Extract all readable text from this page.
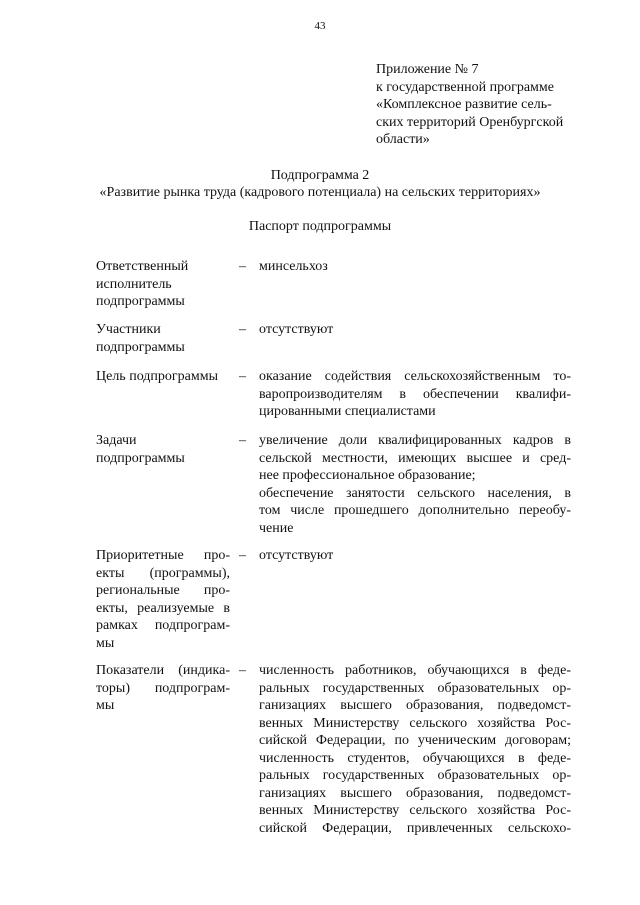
43
Приложение № 7
к государственной программе
«Комплексное развитие сель-
ских территорий Оренбургской
области»
Подпрограмма 2
«Развитие рынка труда (кадрового потенциала) на сельских территориях»
Паспорт подпрограммы
Ответственный
исполнитель
подпрограммы
– минсельхоз
Участники
подпрограммы
– отсутствуют
Цель подпрограммы	– оказание содействия сельскохозяйственным то-
варопроизводителям в обеспечении квалифи-
цированными специалистами
Задачи
подпрограммы
– увеличение доли квалифицированных кадров в
сельской местности, имеющих высшее и сред-
нее профессиональное образование;
обеспечение занятости сельского населения, в
том числе прошедшего дополнительно переобу-
чение
Приоритетные про-
екты (программы),
региональные про-
екты, реализуемые в
рамках подпрограм-
мы
– отсутствуют
Показатели (индика-
торы) подпрограм-
мы
– численность работников, обучающихся в феде-
ральных государственных образовательных ор-
ганизациях высшего образования, подведомст-
венных Министерству сельского хозяйства Рос-
сийской Федерации, по ученическим договорам;
численность студентов, обучающихся в феде-
ральных государственных образовательных ор-
ганизациях высшего образования, подведомст-
венных Министерству сельского хозяйства Рос-
сийской Федерации, привлеченных сельскохо-
